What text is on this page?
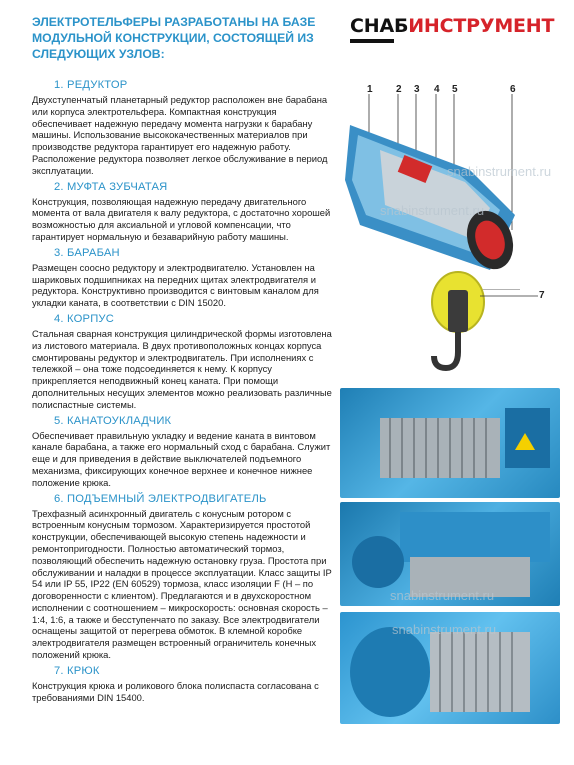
ЭЛЕКТРОТЕЛЬФЕРЫ РАЗРАБОТАНЫ НА БАЗЕ МОДУЛЬНОЙ КОНСТРУКЦИИ, СОСТОЯЩЕЙ ИЗ СЛЕДУЮЩИХ УЗЛОВ:
СНАБИНСТРУМЕНТ
1. РЕДУКТОР

Двухступенчатый планетарный редуктор расположен вне барабана или корпуса электротельфера. Компактная конструкция обеспечивает надежную передачу момента нагрузки к барабану машины. Использование высококачественных материалов при производстве редуктора гарантирует его надежную работу. Расположение редуктора позволяет легкое обслуживание в период эксплуатации.

2. МУФТА ЗУБЧАТАЯ

Конструкция, позволяющая надежную передачу двигательного момента от вала двигателя к валу редуктора, с достаточно хорошей возможностью для аксиальной и угловой компенсации, что гарантирует нормальную и безаварийную работу машины.

3. БАРАБАН

Размещен соосно редуктору и электродвигателю. Установлен на шариковых подшипниках на передних щитах электродвигателя и редуктора. Конструктивно производится с винтовым каналом для укладки каната, в соответствии с DIN 15020.

4. КОРПУС

Стальная сварная конструкция цилиндрической формы изготовлена из листового материала. В двух противоположных концах корпуса смонтированы редуктор и электродвигатель. При исполнениях с тележкой – она тоже подсоединяется к нему. К корпусу прикрепляется неподвижный конец каната. При помощи дополнительных несущих элементов можно реализовать различные полиспастные системы.

5. КАНАТОУКЛАДЧИК

Обеспечивает правильную укладку и ведение каната в винтовом канале барабана, а также его нормальный сход с барабана. Служит еще и для приведения в действие выключателей подъемного механизма, фиксирующих конечное верхнее и конечное нижнее положение крюка.

6. ПОДЪЕМНЫЙ ЭЛЕКТРОДВИГАТЕЛЬ

Трехфазный асинхронный двигатель с конусным ротором с встроенным конусным тормозом. Характеризируется простотой конструкции, обеспечивающей высокую степень надежности и ремонтопригодности. Полностью автоматический тормоз, позволяющий обеспечить надежную остановку груза. Простота при обслуживании и наладки в процессе эксплуатации. Класс защиты IP 54 или IP 55, IP22 (EN 60529) тормоза, класс изоляции F (Н – по договоренности с клиентом). Предлагаются и в двухскоростном исполнении с соотношением – микроскорость: основная скорость – 1:4, 1:6, а также и бесступенчато по заказу. Все электродвигатели оснащены защитой от перегрева обмоток. В клемной коробке электродвигателя размещен встроенный ограничитель конечных положений крюка.

7. КРЮК

Конструкция крюка и роликового блока полиспаста согласована с требованиями DIN 15400.

1 2 3 4 5	6
snabinstrument.ru
snabinstrument.ru
7
snabinstrument.ru
snabinstrument.ru
